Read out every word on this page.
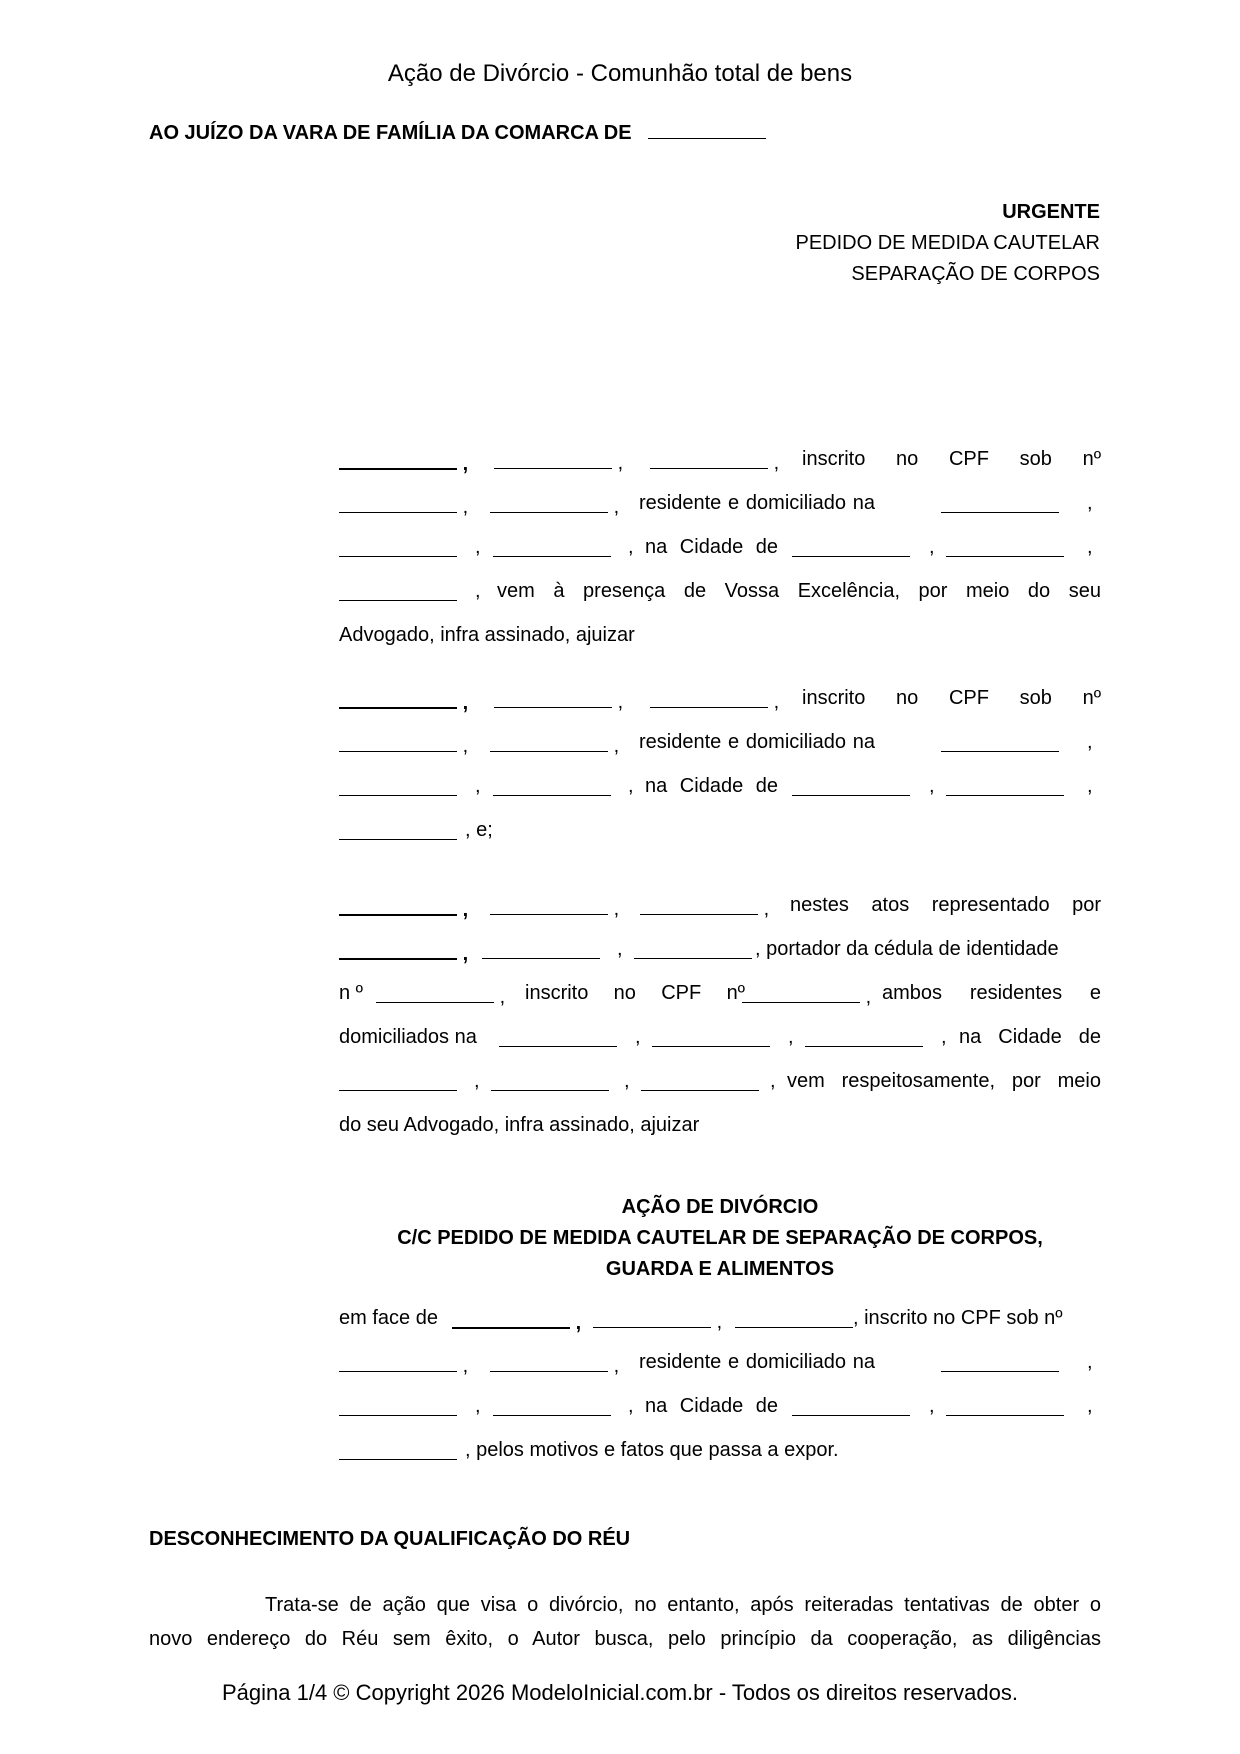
Ação de Divórcio - Comunhão total de bens
AO JUÍZO DA VARA DE FAMÍLIA DA COMARCA DE
URGENTE
PEDIDO DE MEDIDA CAUTELAR
SEPARAÇÃO DE CORPOS
,	,	, inscrito no CPF sob nº
,	, residente e domiciliado na	,
,	, na Cidade de	,	,
, vem à presença de Vossa Excelência, por meio do seu
Advogado, infra assinado, ajuizar
,	,	, inscrito no CPF sob nº
,	, residente e domiciliado na	,
,	, na Cidade de	,	,
, e;
,	,	, nestes atos representado por
,	,	, portador da cédula de identidade
n º	, inscrito no CPF nº	, ambos residentes e
domiciliados na	,	,	, na Cidade de
,	,	, vem respeitosamente, por meio
do seu Advogado, infra assinado, ajuizar
AÇÃO DE DIVÓRCIO
C/C PEDIDO DE MEDIDA CAUTELAR DE SEPARAÇÃO DE CORPOS,
GUARDA E ALIMENTOS
em face de	,	,	, inscrito no CPF sob nº
,	, residente e domiciliado na	,
,	, na Cidade de	,	,
, pelos motivos e fatos que passa a expor.
DESCONHECIMENTO DA QUALIFICAÇÃO DO RÉU
Trata-se de ação que visa o divórcio, no entanto, após reiteradas tentativas de obter o
novo endereço do Réu sem êxito, o Autor busca, pelo princípio da cooperação, as diligências
Página 1/4 © Copyright 2026 ModeloInicial.com.br - Todos os direitos reservados.
